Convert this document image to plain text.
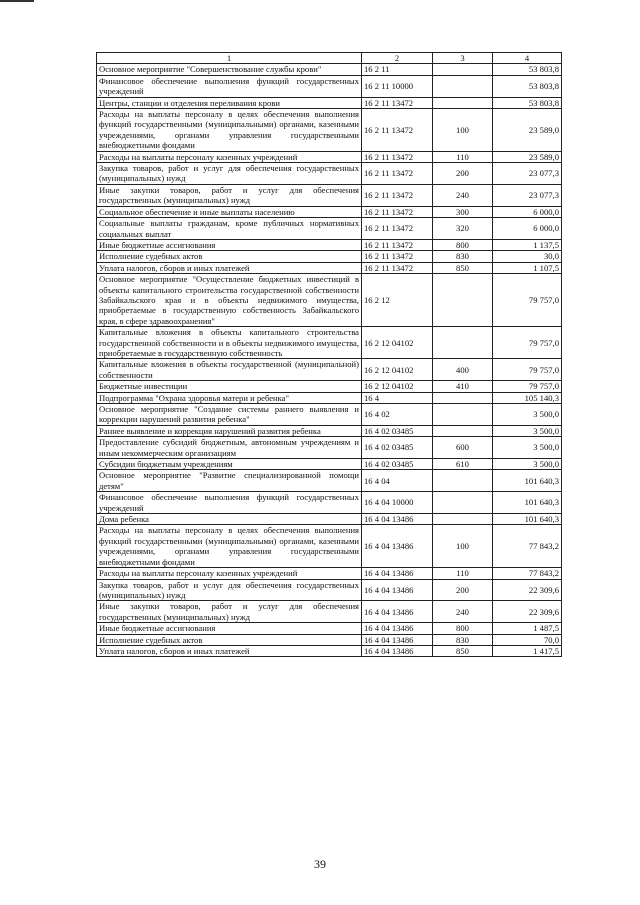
1	2	3	4
Основное мероприятие "Совершенствование службы крови"	16 2 11		53 803,8
Финансовое обеспечение выполнения функций государственных учреждений	16 2 11 10000		53 803,8
Центры, станции и отделения переливания крови	16 2 11 13472		53 803,8
Расходы на выплаты персоналу в целях обеспечения выполнения функций государственными (муниципальными) органами, казенными учреждениями, органами управления государственными внебюджетными фондами	16 2 11 13472	100	23 589,0
Расходы на выплаты персоналу казенных учреждений	16 2 11 13472	110	23 589,0
Закупка товаров, работ и услуг для обеспечения государственных (муниципальных) нужд	16 2 11 13472	200	23 077,3
Иные закупки товаров, работ и услуг для обеспечения государственных (муниципальных) нужд	16 2 11 13472	240	23 077,3
Социальное обеспечение и иные выплаты населению	16 2 11 13472	300	6 000,0
Социальные выплаты гражданам, кроме публичных нормативных социальных выплат	16 2 11 13472	320	6 000,0
Иные бюджетные ассигнования	16 2 11 13472	800	1 137,5
Исполнение судебных актов	16 2 11 13472	830	30,0
Уплата налогов, сборов и иных платежей	16 2 11 13472	850	1 107,5
Основное мероприятие "Осуществление бюджетных инвестиций в объекты капитального строительства государственной собственности Забайкальского края и в объекты недвижимого имущества, приобретаемые в государственную собственность Забайкальского края, в сфере здравоохранения"	16 2 12		79 757,0
Капитальные вложения в объекты капитального строительства государственной собственности и в объекты недвижимого имущества, приобретаемые в государственную собственность	16 2 12 04102		79 757,0
Капитальные вложения в объекты государственной (муниципальной) собственности	16 2 12 04102	400	79 757,0
Бюджетные инвестиции	16 2 12 04102	410	79 757,0
Подпрограмма "Охрана здоровья матери и ребенка"	16 4		105 140,3
Основное мероприятие "Создание системы раннего выявления и коррекции нарушений развития ребенка"	16 4 02		3 500,0
Раннее выявление и коррекция нарушений развития ребенка	16 4 02 03485		3 500,0
Предоставление субсидий бюджетным, автономным учреждениям и иным некоммерческим организациям	16 4 02 03485	600	3 500,0
Субсидии бюджетным учреждениям	16 4 02 03485	610	3 500,0
Основное мероприятие "Развитие специализированной помощи детям"	16 4 04		101 640,3
Финансовое обеспечение выполнения функций государственных учреждений	16 4 04 10000		101 640,3
Дома ребенка	16 4 04 13486		101 640,3
Расходы на выплаты персоналу в целях обеспечения выполнения функций государственными (муниципальными) органами, казенными учреждениями, органами управления государственными внебюджетными фондами	16 4 04 13486	100	77 843,2
Расходы на выплаты персоналу казенных учреждений	16 4 04 13486	110	77 843,2
Закупка товаров, работ и услуг для обеспечения государственных (муниципальных) нужд	16 4 04 13486	200	22 309,6
Иные закупки товаров, работ и услуг для обеспечения государственных (муниципальных) нужд	16 4 04 13486	240	22 309,6
Иные бюджетные ассигнования	16 4 04 13486	800	1 487,5
Исполнение судебных актов	16 4 04 13486	830	70,0
Уплата налогов, сборов и иных платежей	16 4 04 13486	850	1 417,5
39
